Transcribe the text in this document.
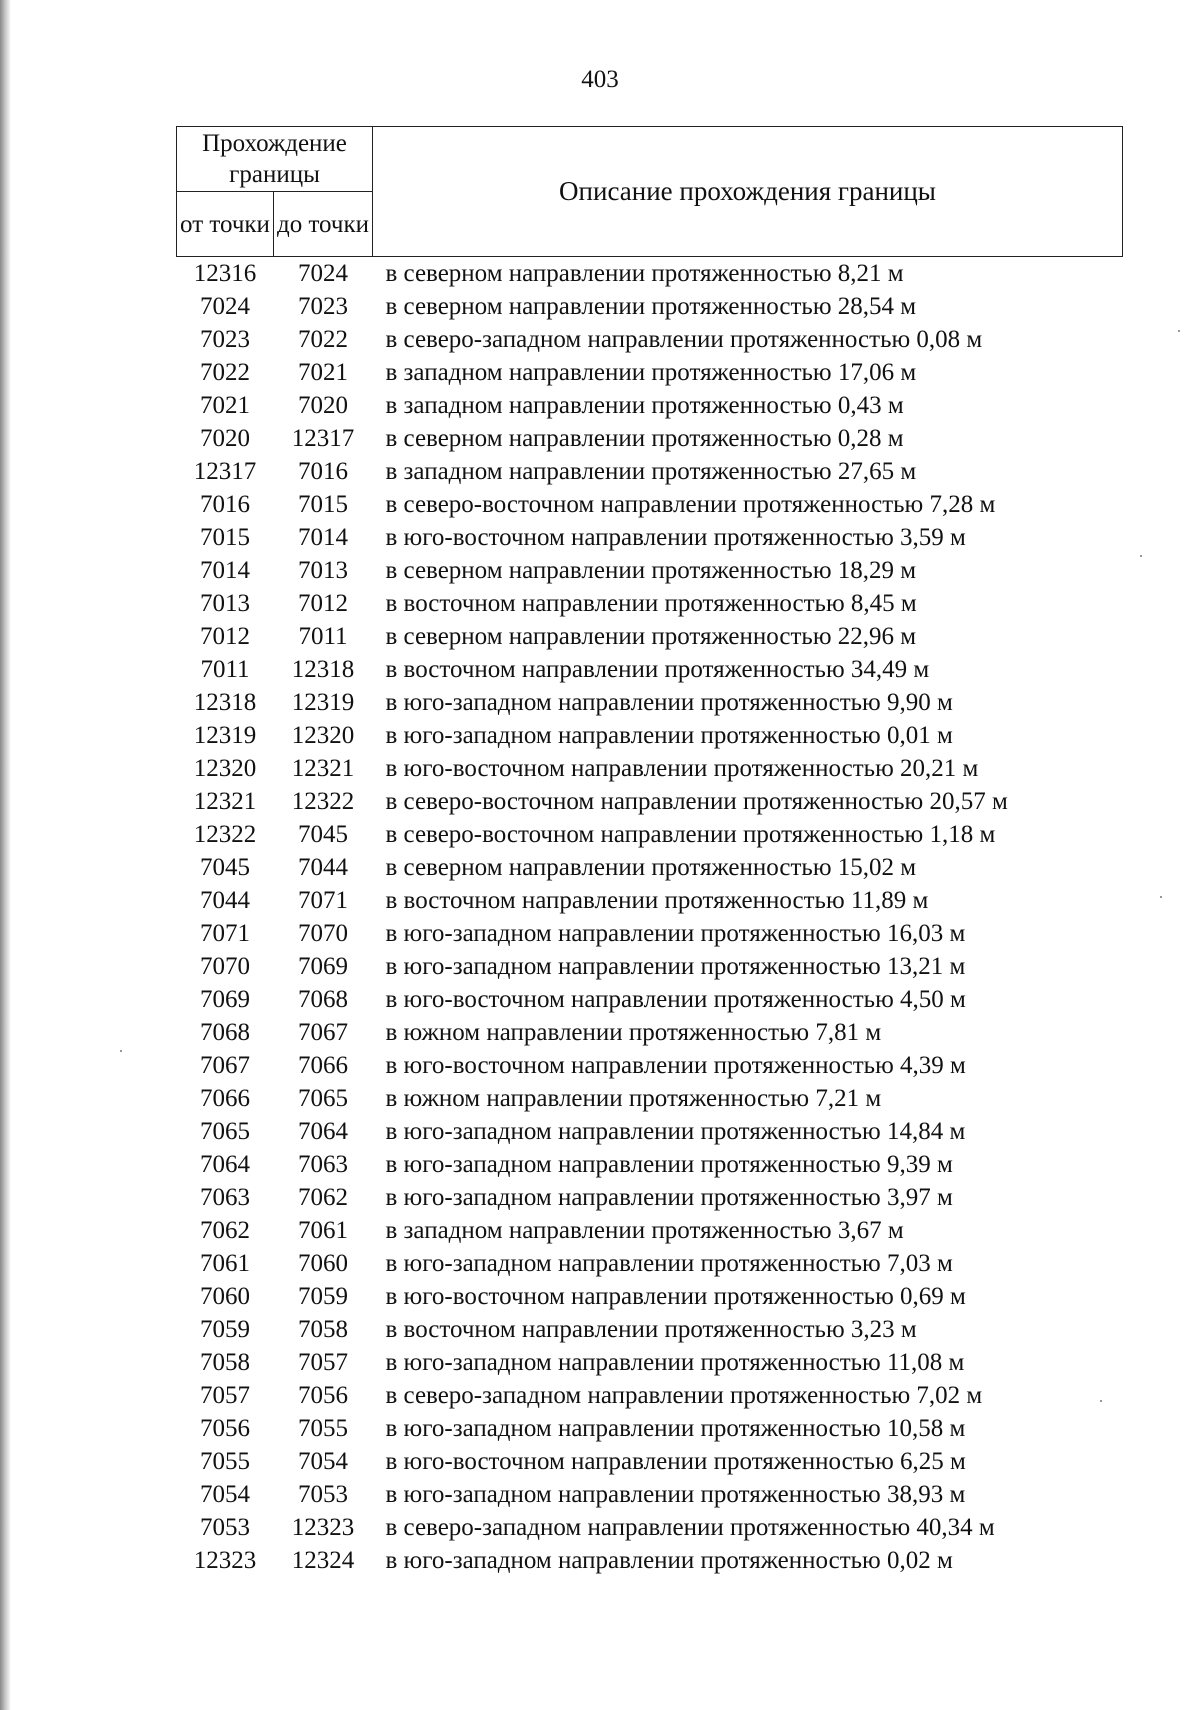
403
Прохождение границы		Описание прохождения границы
от точки	до точки	
12316	7024	в северном направлении протяженностью 8,21 м
7024	7023	в северном направлении протяженностью 28,54 м
7023	7022	в северо-западном направлении протяженностью 0,08 м
7022	7021	в западном направлении протяженностью 17,06 м
7021	7020	в западном направлении протяженностью 0,43 м
7020	12317	в северном направлении протяженностью 0,28 м
12317	7016	в западном направлении протяженностью 27,65 м
7016	7015	в северо-восточном направлении протяженностью 7,28 м
7015	7014	в юго-восточном направлении протяженностью 3,59 м
7014	7013	в северном направлении протяженностью 18,29 м
7013	7012	в восточном направлении протяженностью 8,45 м
7012	7011	в северном направлении протяженностью 22,96 м
7011	12318	в восточном направлении протяженностью 34,49 м
12318	12319	в юго-западном направлении протяженностью 9,90 м
12319	12320	в юго-западном направлении протяженностью 0,01 м
12320	12321	в юго-восточном направлении протяженностью 20,21 м
12321	12322	в северо-восточном направлении протяженностью 20,57 м
12322	7045	в северо-восточном направлении протяженностью 1,18 м
7045	7044	в северном направлении протяженностью 15,02 м
7044	7071	в восточном направлении протяженностью 11,89 м
7071	7070	в юго-западном направлении протяженностью 16,03 м
7070	7069	в юго-западном направлении протяженностью 13,21 м
7069	7068	в юго-восточном направлении протяженностью 4,50 м
7068	7067	в южном направлении протяженностью 7,81 м
7067	7066	в юго-восточном направлении протяженностью 4,39 м
7066	7065	в южном направлении протяженностью 7,21 м
7065	7064	в юго-западном направлении протяженностью 14,84 м
7064	7063	в юго-западном направлении протяженностью 9,39 м
7063	7062	в юго-западном направлении протяженностью 3,97 м
7062	7061	в западном направлении протяженностью 3,67 м
7061	7060	в юго-западном направлении протяженностью 7,03 м
7060	7059	в юго-восточном направлении протяженностью 0,69 м
7059	7058	в восточном направлении протяженностью 3,23 м
7058	7057	в юго-западном направлении протяженностью 11,08 м
7057	7056	в северо-западном направлении протяженностью 7,02 м
7056	7055	в юго-западном направлении протяженностью 10,58 м
7055	7054	в юго-восточном направлении протяженностью 6,25 м
7054	7053	в юго-западном направлении протяженностью 38,93 м
7053	12323	в северо-западном направлении протяженностью 40,34 м
12323	12324	в юго-западном направлении протяженностью 0,02 м
